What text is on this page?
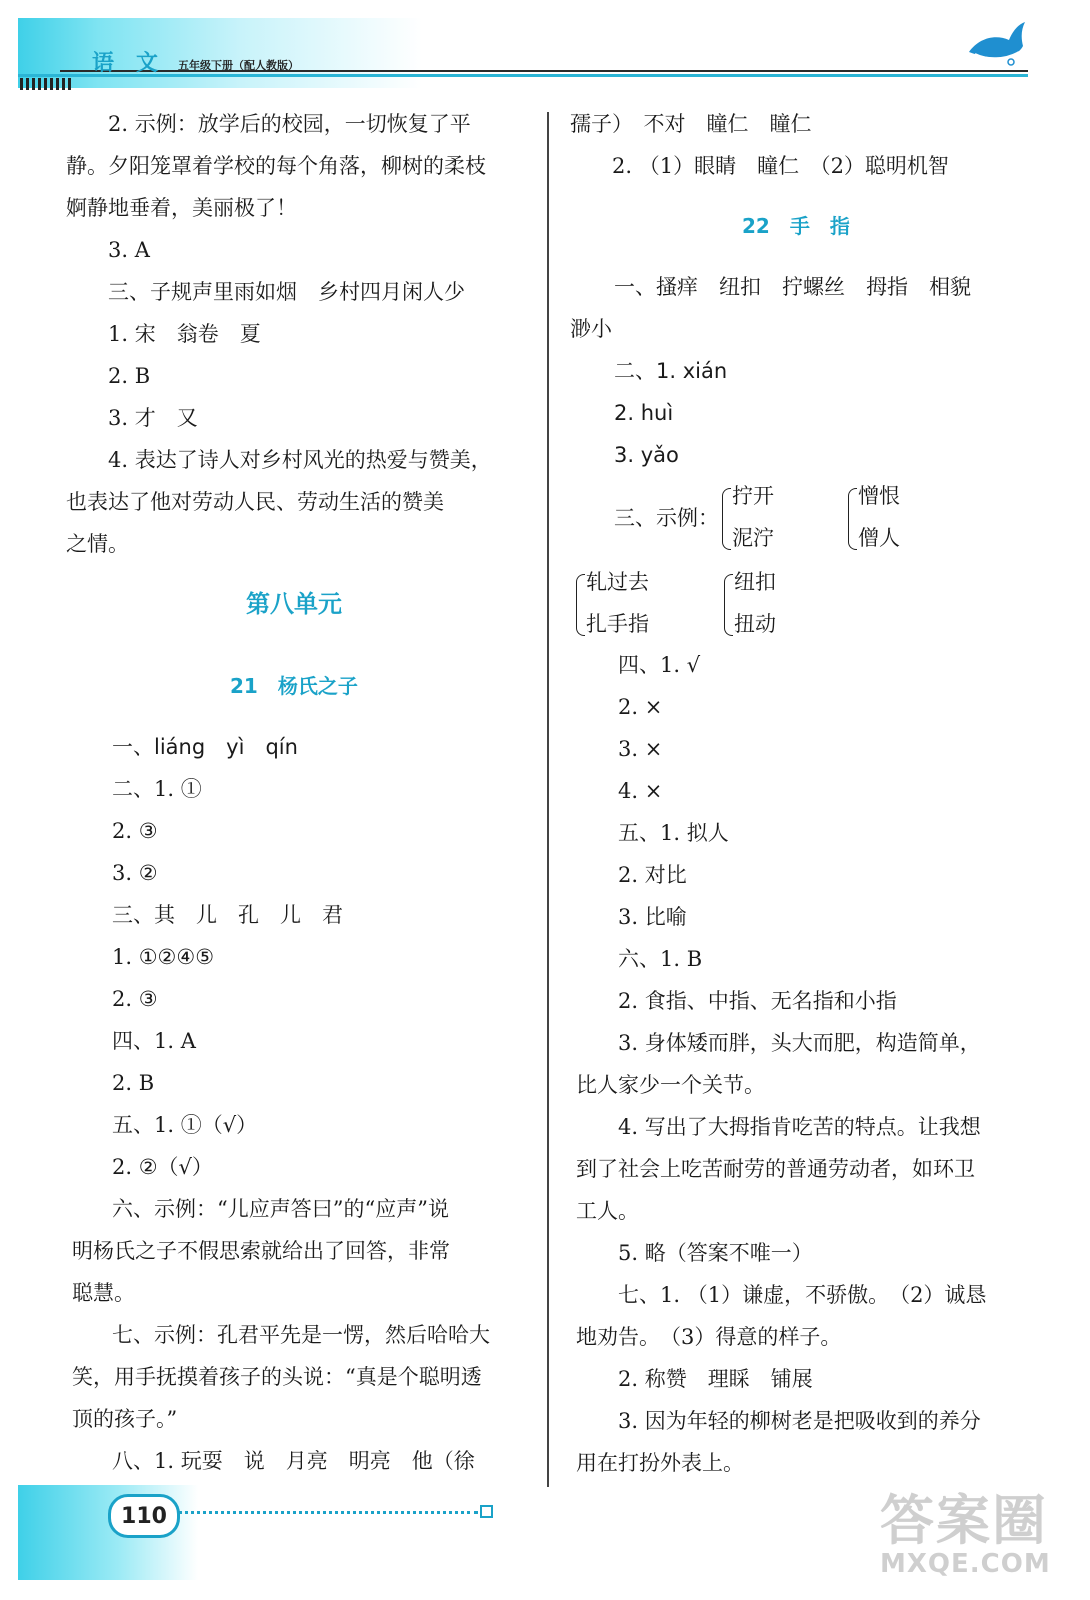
语文
五年级下册（配人教版）
2. 示例：放学后的校园，一切恢复了平
静。夕阳笼罩着学校的每个角落，柳树的柔枝
婀静地垂着，美丽极了！
3. A
三、子规声里雨如烟　乡村四月闲人少
1. 宋　翁卷　夏
2. B
3. 才　又
4. 表达了诗人对乡村风光的热爱与赞美，
也表达了他对劳动人民、劳动生活的赞美
之情。
第八单元
21　杨氏之子
一、liáng　yì　qín
二、1. ①
2. ③
3. ②
三、其　儿　孔　儿　君
1. ①②④⑤
2. ③
四、1. A
2. B
五、1. ①（√）
2. ②（√）
六、示例：“儿应声答曰”的“应声”说
明杨氏之子不假思索就给出了回答，非常
聪慧。
七、示例：孔君平先是一愣，然后哈哈大
笑，用手抚摸着孩子的头说：“真是个聪明透
顶的孩子。”
八、1. 玩耍　说　月亮　明亮　他（徐
孺子）　不对　瞳仁　瞳仁
2. （1）眼睛　瞳仁　（2）聪明机智
22　手　指
一、搔痒　纽扣　拧螺丝　拇指　相貌
渺小
二、1. xián
2. huì
3. yǎo
三、示例：
拧开
泥泞
憎恨
僧人
轧过去
扎手指
纽扣
扭动
四、1. √
2. ×
3. ×
4. ×
五、1. 拟人
2. 对比
3. 比喻
六、1. B
2. 食指、中指、无名指和小指
3. 身体矮而胖，头大而肥，构造简单，
比人家少一个关节。
4. 写出了大拇指肯吃苦的特点。让我想
到了社会上吃苦耐劳的普通劳动者，如环卫
工人。
5. 略（答案不唯一）
七、1. （1）谦虚，不骄傲。　（2）诚恳
地劝告。　（3）得意的样子。
2. 称赞　理睬　铺展
3. 因为年轻的柳树老是把吸收到的养分
用在打扮外表上。
110	答案圈
MXQE.COM
